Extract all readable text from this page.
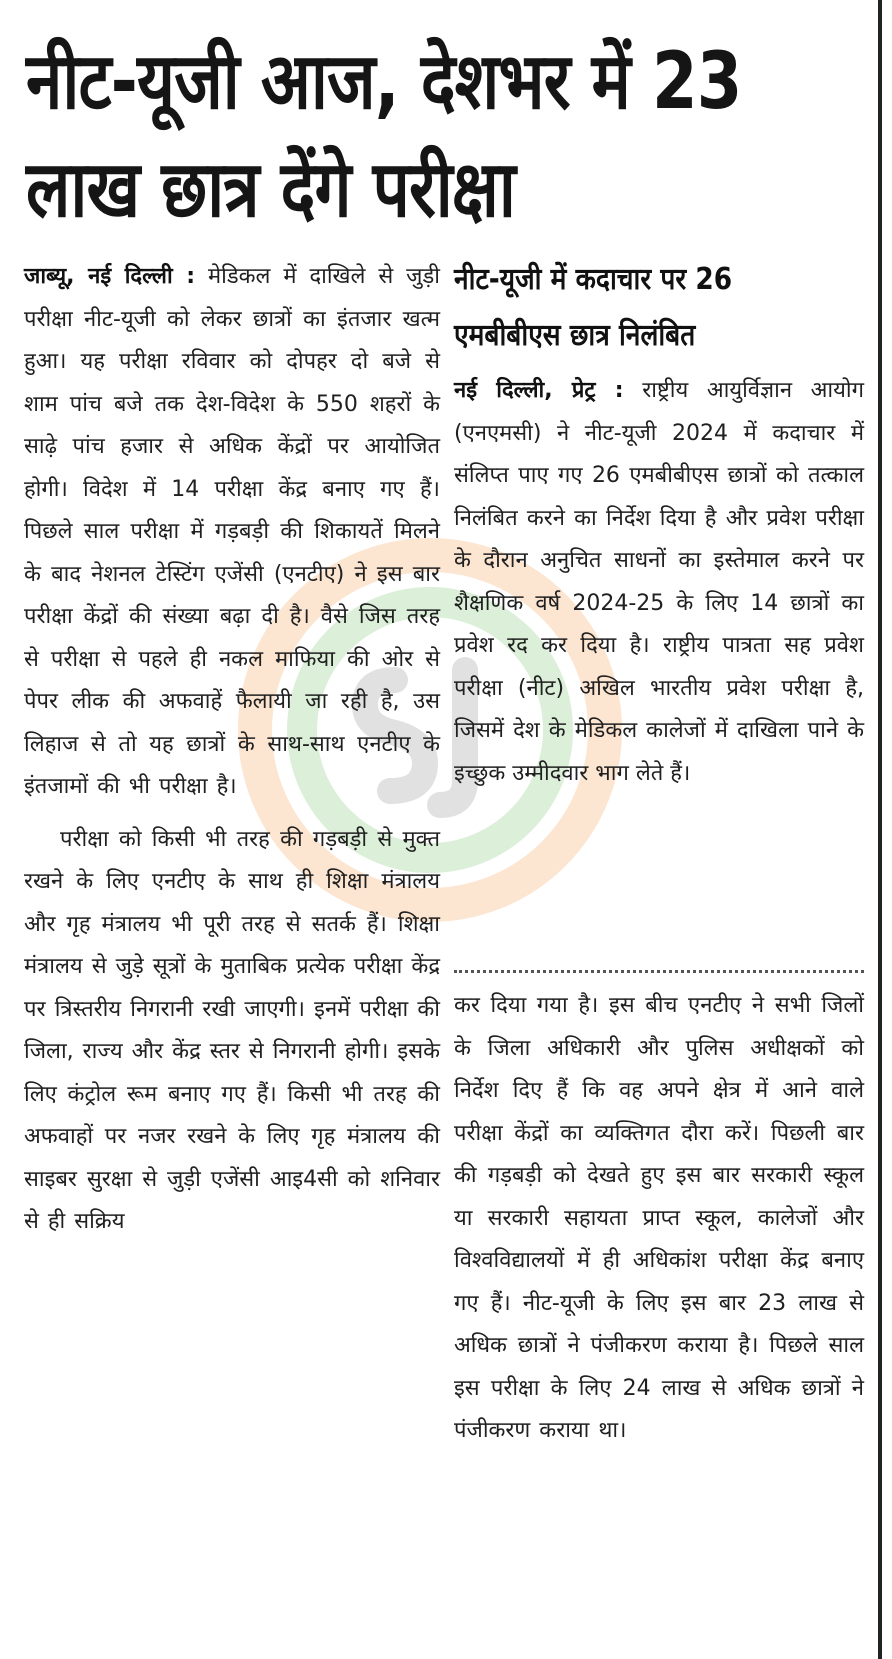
नीट-यूजी आज, देशभर में 23
लाख छात्र देंगे परीक्षा

जाब्यू, नई दिल्ली : मेडिकल में दाखिले से जुड़ी परीक्षा नीट-यूजी को लेकर छात्रों का इंतजार खत्म हुआ। यह परीक्षा रविवार को दोपहर दो बजे से शाम पांच बजे तक देश-विदेश के 550 शहरों के साढ़े पांच हजार से अधिक केंद्रों पर आयोजित होगी। विदेश में 14 परीक्षा केंद्र बनाए गए हैं। पिछले साल परीक्षा में गड़बड़ी की शिकायतें मिलने के बाद नेशनल टेस्टिंग एजेंसी (एनटीए) ने इस बार परीक्षा केंद्रों की संख्या बढ़ा दी है। वैसे जिस तरह से परीक्षा से पहले ही नकल माफिया की ओर से पेपर लीक की अफवाहें फैलायी जा रही है, उस लिहाज से तो यह छात्रों के साथ-साथ एनटीए के इंतजामों की भी परीक्षा है।

परीक्षा को किसी भी तरह की गड़बड़ी से मुक्त रखने के लिए एनटीए के साथ ही शिक्षा मंत्रालय और गृह मंत्रालय भी पूरी तरह से सतर्क हैं। शिक्षा मंत्रालय से जुड़े सूत्रों के मुताबिक प्रत्येक परीक्षा केंद्र पर त्रिस्तरीय निगरानी रखी जाएगी। इनमें परीक्षा की जिला, राज्य और केंद्र स्तर से निगरानी होगी। इसके लिए कंट्रोल रूम बनाए गए हैं। किसी भी तरह की अफवाहों पर नजर रखने के लिए गृह मंत्रालय की साइबर सुरक्षा से जुड़ी एजेंसी आइ4सी को शनिवार से ही सक्रिय

नीट-यूजी में कदाचार पर 26
एमबीबीएस छात्र निलंबित

नई दिल्ली, प्रेट्र : राष्ट्रीय आयुर्विज्ञान आयोग (एनएमसी) ने नीट-यूजी 2024 में कदाचार में संलिप्त पाए गए 26 एमबीबीएस छात्रों को तत्काल निलंबित करने का निर्देश दिया है और प्रवेश परीक्षा के दौरान अनुचित साधनों का इस्तेमाल करने पर शैक्षणिक वर्ष 2024-25 के लिए 14 छात्रों का प्रवेश रद कर दिया है। राष्ट्रीय पात्रता सह प्रवेश परीक्षा (नीट) अखिल भारतीय प्रवेश परीक्षा है, जिसमें देश के मेडिकल कालेजों में दाखिला पाने के इच्छुक उम्मीदवार भाग लेते हैं।

कर दिया गया है। इस बीच एनटीए ने सभी जिलों के जिला अधिकारी और पुलिस अधीक्षकों को निर्देश दिए हैं कि वह अपने क्षेत्र में आने वाले परीक्षा केंद्रों का व्यक्तिगत दौरा करें। पिछली बार की गड़बड़ी को देखते हुए इस बार सरकारी स्कूल या सरकारी सहायता प्राप्त स्कूल, कालेजों और विश्वविद्यालयों में ही अधिकांश परीक्षा केंद्र बनाए गए हैं। नीट-यूजी के लिए इस बार 23 लाख से अधिक छात्रों ने पंजीकरण कराया है। पिछले साल इस परीक्षा के लिए 24 लाख से अधिक छात्रों ने पंजीकरण कराया था।
